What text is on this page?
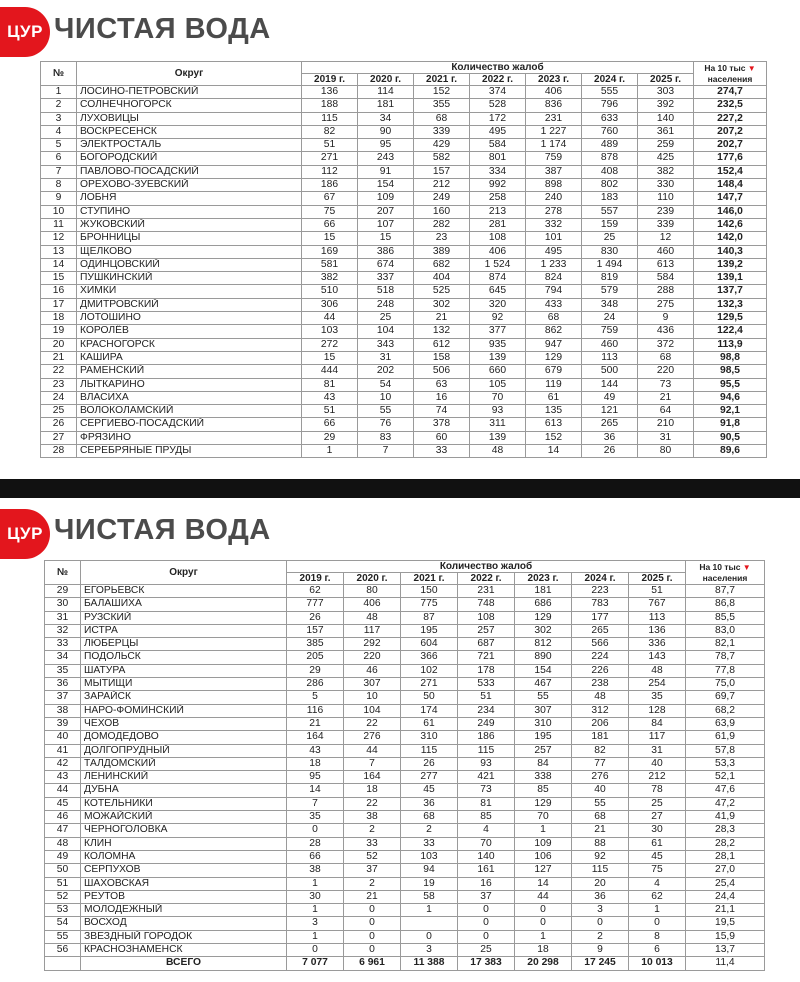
ЦУР ЧИСТАЯ ВОДА
№	Округ	Количество жалоб							На 10 тыс ▼
населения
		2019 г.	2020 г.	2021 г.	2022 г.	2023 г.	2024 г.	2025 г.	
1	ЛОСИНО-ПЕТРОВСКИЙ	136	114	152	374	406	555	303	274,7
2	СОЛНЕЧНОГОРСК	188	181	355	528	836	796	392	232,5
3	ЛУХОВИЦЫ	115	34	68	172	231	633	140	227,2
4	ВОСКРЕСЕНСК	82	90	339	495	1 227	760	361	207,2
5	ЭЛЕКТРОСТАЛЬ	51	95	429	584	1 174	489	259	202,7
6	БОГОРОДСКИЙ	271	243	582	801	759	878	425	177,6
7	ПАВЛОВО-ПОСАДСКИЙ	112	91	157	334	387	408	382	152,4
8	ОРЕХОВО-ЗУЕВСКИЙ	186	154	212	992	898	802	330	148,4
9	ЛОБНЯ	67	109	249	258	240	183	110	147,7
10	СТУПИНО	75	207	160	213	278	557	239	146,0
11	ЖУКОВСКИЙ	66	107	282	281	332	159	339	142,6
12	БРОННИЦЫ	15	15	23	108	101	25	12	142,0
13	ЩЕЛКОВО	169	386	389	406	495	830	460	140,3
14	ОДИНЦОВСКИЙ	581	674	682	1 524	1 233	1 494	613	139,2
15	ПУШКИНСКИЙ	382	337	404	874	824	819	584	139,1
16	ХИМКИ	510	518	525	645	794	579	288	137,7
17	ДМИТРОВСКИЙ	306	248	302	320	433	348	275	132,3
18	ЛОТОШИНО	44	25	21	92	68	24	9	129,5
19	КОРОЛЁВ	103	104	132	377	862	759	436	122,4
20	КРАСНОГОРСК	272	343	612	935	947	460	372	113,9
21	КАШИРА	15	31	158	139	129	113	68	98,8
22	РАМЕНСКИЙ	444	202	506	660	679	500	220	98,5
23	ЛЫТКАРИНО	81	54	63	105	119	144	73	95,5
24	ВЛАСИХА	43	10	16	70	61	49	21	94,6
25	ВОЛОКОЛАМСКИЙ	51	55	74	93	135	121	64	92,1
26	СЕРГИЕВО-ПОСАДСКИЙ	66	76	378	311	613	265	210	91,8
27	ФРЯЗИНО	29	83	60	139	152	36	31	90,5
28	СЕРЕБРЯНЫЕ ПРУДЫ	1	7	33	48	14	26	80	89,6
ЦУР ЧИСТАЯ ВОДА
№	Округ	Количество жалоб							На 10 тыс ▼
населения
		2019 г.	2020 г.	2021 г.	2022 г.	2023 г.	2024 г.	2025 г.	
29	ЕГОРЬЕВСК	62	80	150	231	181	223	51	87,7
30	БАЛАШИХА	777	406	775	748	686	783	767	86,8
31	РУЗСКИЙ	26	48	87	108	129	177	113	85,5
32	ИСТРА	157	117	195	257	302	265	136	83,0
33	ЛЮБЕРЦЫ	385	292	604	687	812	566	336	82,1
34	ПОДОЛЬСК	205	220	366	721	890	224	143	78,7
35	ШАТУРА	29	46	102	178	154	226	48	77,8
36	МЫТИЩИ	286	307	271	533	467	238	254	75,0
37	ЗАРАЙСК	5	10	50	51	55	48	35	69,7
38	НАРО-ФОМИНСКИЙ	116	104	174	234	307	312	128	68,2
39	ЧЕХОВ	21	22	61	249	310	206	84	63,9
40	ДОМОДЕДОВО	164	276	310	186	195	181	117	61,9
41	ДОЛГОПРУДНЫЙ	43	44	115	115	257	82	31	57,8
42	ТАЛДОМСКИЙ	18	7	26	93	84	77	40	53,3
43	ЛЕНИНСКИЙ	95	164	277	421	338	276	212	52,1
44	ДУБНА	14	18	45	73	85	40	78	47,6
45	КОТЕЛЬНИКИ	7	22	36	81	129	55	25	47,2
46	МОЖАЙСКИЙ	35	38	68	85	70	68	27	41,9
47	ЧЕРНОГОЛОВКА	0	2	2	4	1	21	30	28,3
48	КЛИН	28	33	33	70	109	88	61	28,2
49	КОЛОМНА	66	52	103	140	106	92	45	28,1
50	СЕРПУХОВ	38	37	94	161	127	115	75	27,0
51	ШАХОВСКАЯ	1	2	19	16	14	20	4	25,4
52	РЕУТОВ	30	21	58	37	44	36	62	24,4
53	МОЛОДЕЖНЫЙ	1	0	1	0	0	3	1	21,1
54	ВОСХОД	3	0		0	0	0	0	19,5
55	ЗВЕЗДНЫЙ ГОРОДОК	1	0	0	0	1	2	8	15,9
56	КРАСНОЗНАМЕНСК	0	0	3	25	18	9	6	13,7
	ВСЕГО	7 077	6 961	11 388	17 383	20 298	17 245	10 013	11,4
